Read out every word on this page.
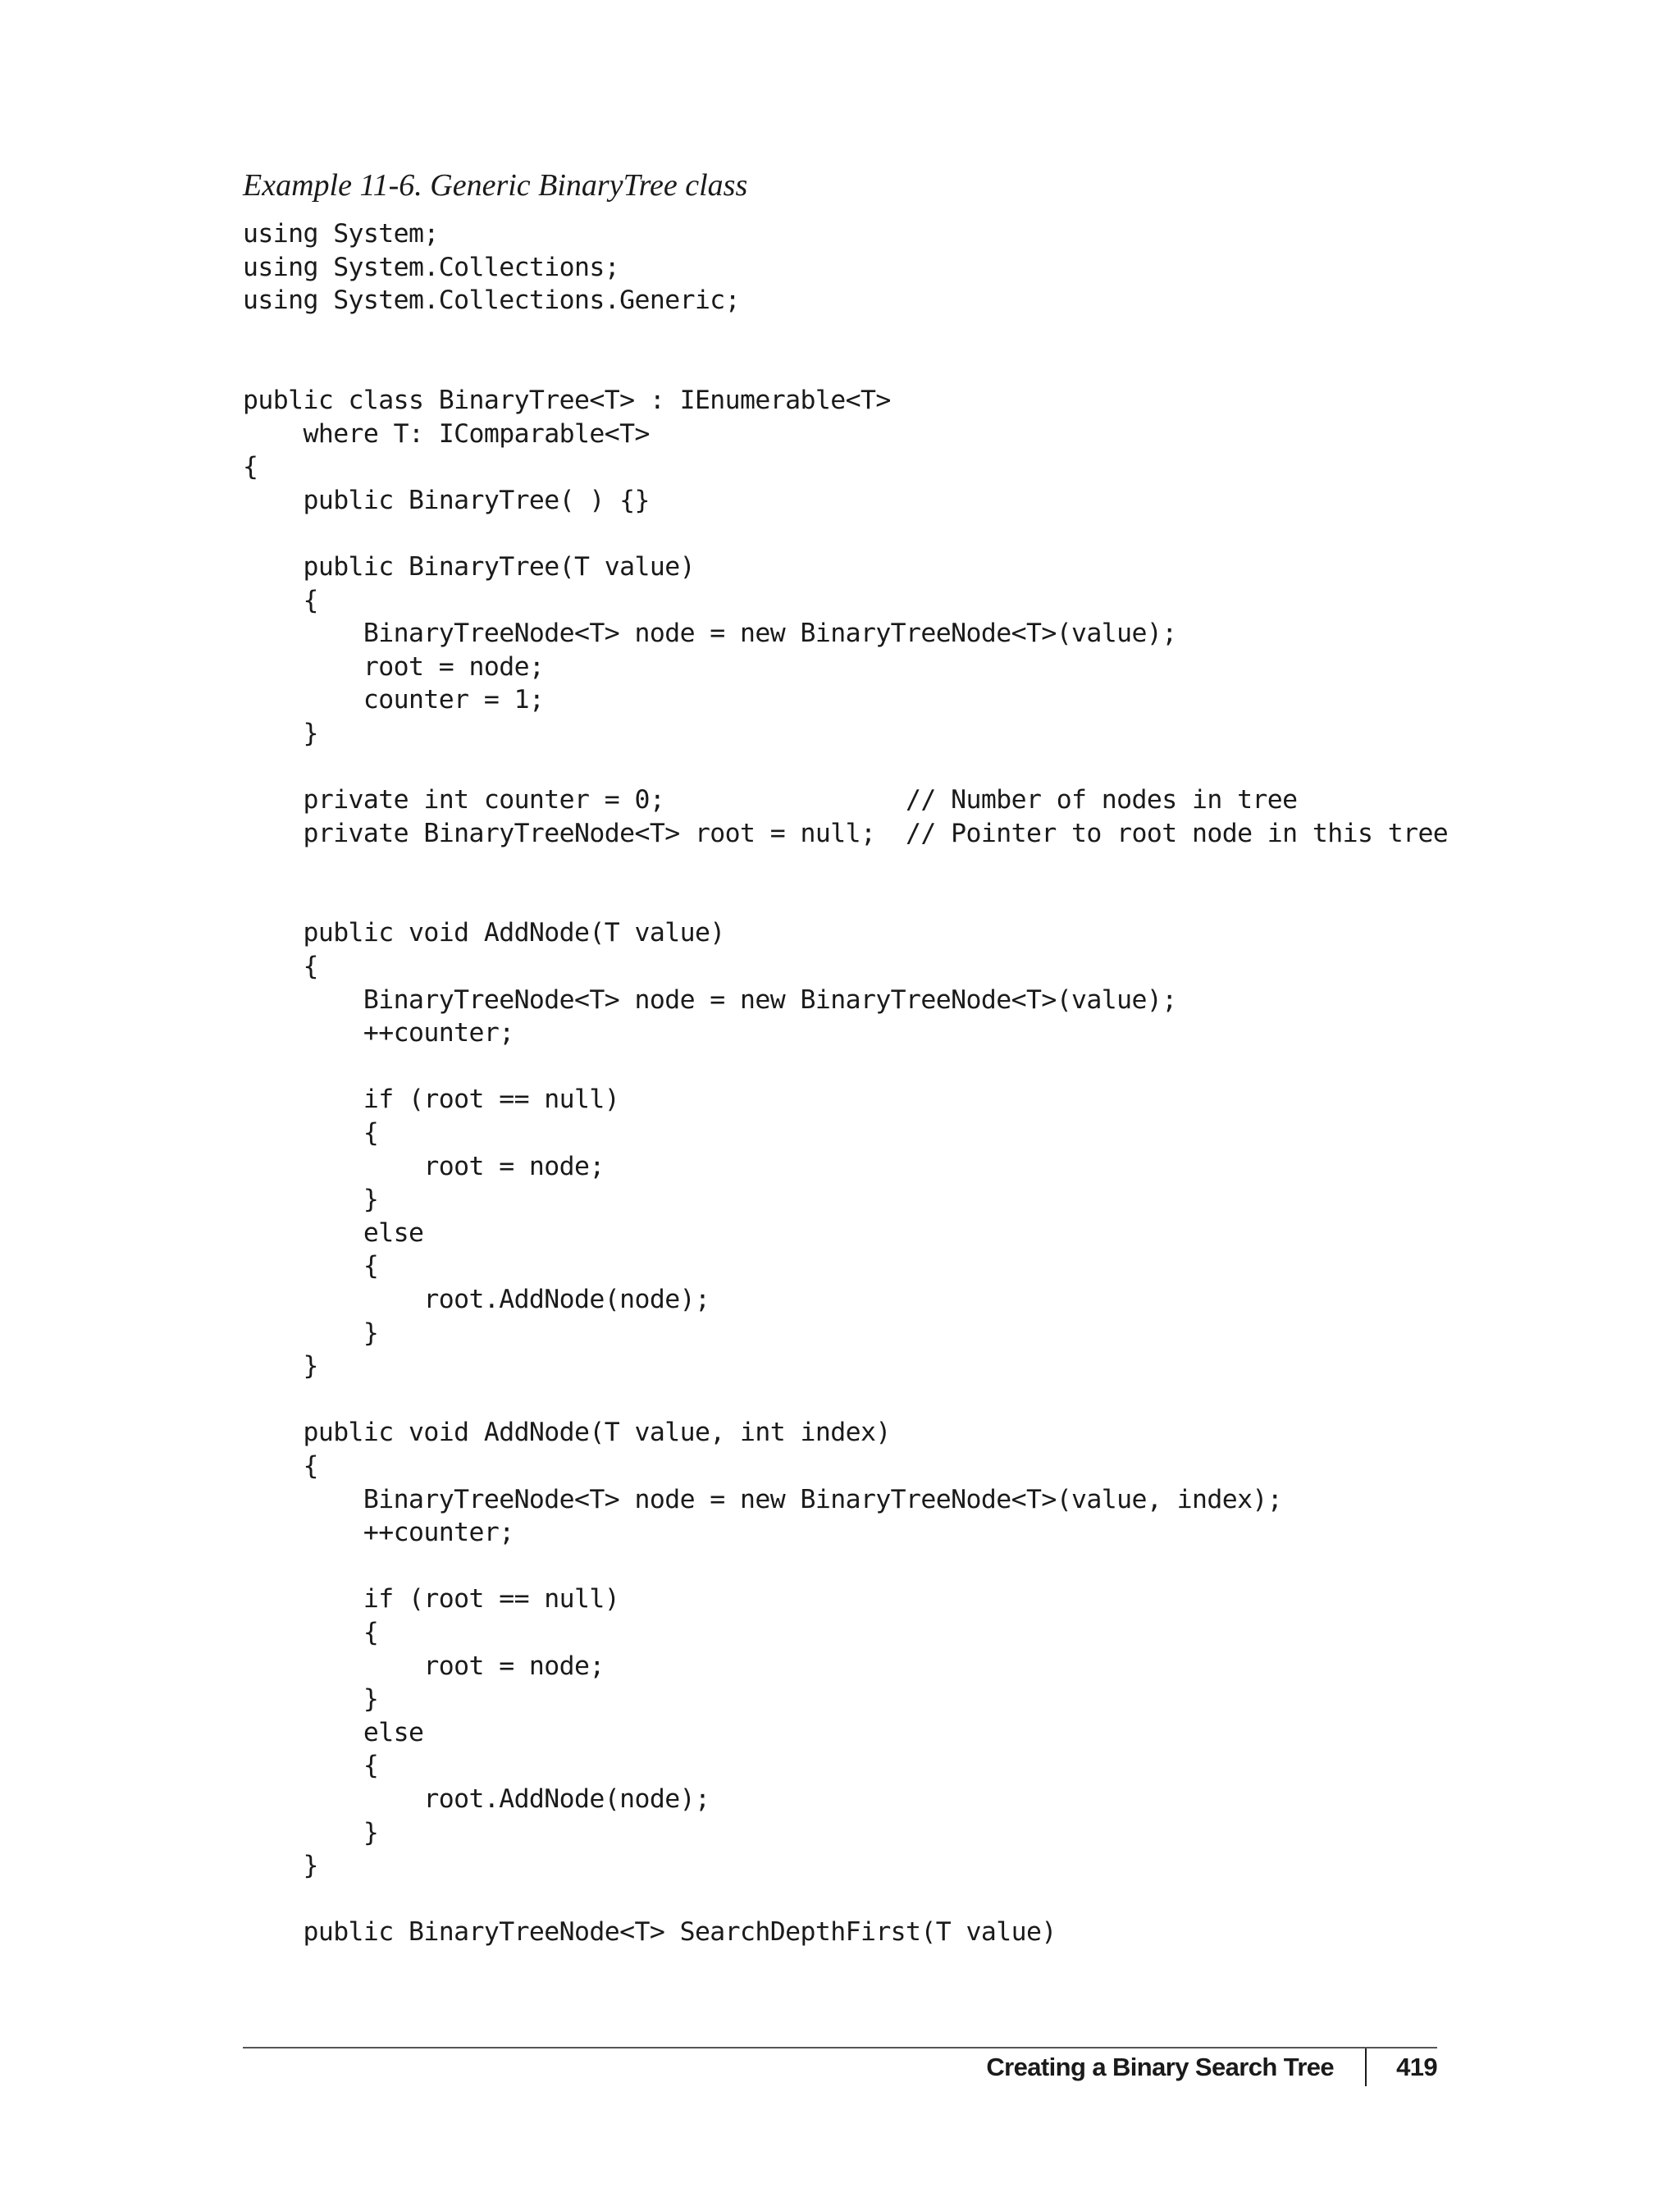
Example 11-6. Generic BinaryTree class
using System;
using System.Collections;
using System.Collections.Generic;
public class BinaryTree<T> : IEnumerable<T>
where T: IComparable<T>
{
public BinaryTree( ) {}
public BinaryTree(T value)
{
BinaryTreeNode<T> node = new BinaryTreeNode<T>(value);
root = node;
counter = 1;
}
private int counter = 0;                // Number of nodes in tree
private BinaryTreeNode<T> root = null;  // Pointer to root node in this tree
public void AddNode(T value)
{
BinaryTreeNode<T> node = new BinaryTreeNode<T>(value);
++counter;
if (root == null)
{
root = node;
}
else
{
root.AddNode(node);
}
}
public void AddNode(T value, int index)
{
BinaryTreeNode<T> node = new BinaryTreeNode<T>(value, index);
++counter;
if (root == null)
{
root = node;
}
else
{
root.AddNode(node);
}
}
public BinaryTreeNode<T> SearchDepthFirst(T value)
Creating a Binary Search Tree 419
